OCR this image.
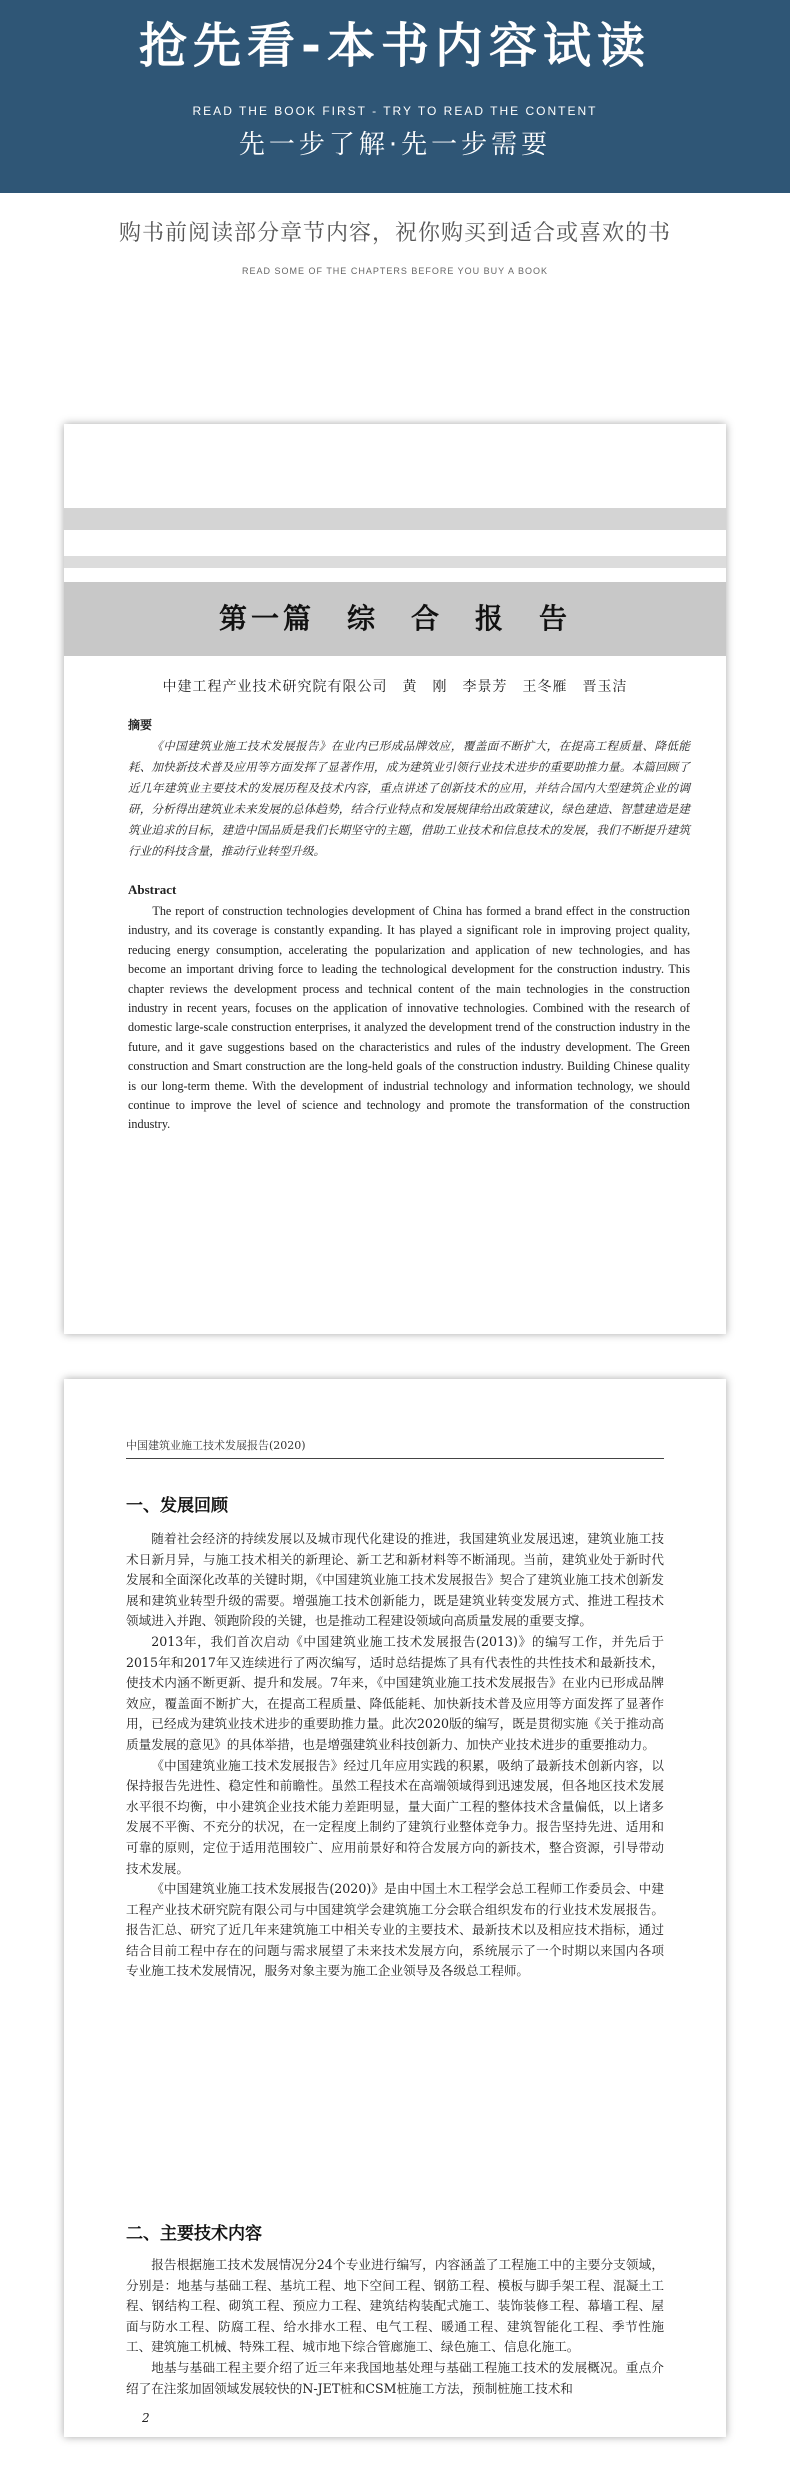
抢先看-本书内容试读
READ THE BOOK FIRST - TRY TO READ THE CONTENT
先一步了解·先一步需要
购书前阅读部分章节内容，祝你购买到适合或喜欢的书
READ SOME OF THE CHAPTERS BEFORE YOU BUY A BOOK
第一篇　综　合　报　告
中建工程产业技术研究院有限公司　黄　刚　李景芳　王冬雁　晋玉洁
摘要
《中国建筑业施工技术发展报告》在业内已形成品牌效应，覆盖面不断扩大，在提高工程质量、降低能耗、加快新技术普及应用等方面发挥了显著作用，成为建筑业引领行业技术进步的重要助推力量。本篇回顾了近几年建筑业主要技术的发展历程及技术内容，重点讲述了创新技术的应用，并结合国内大型建筑企业的调研，分析得出建筑业未来发展的总体趋势，结合行业特点和发展规律给出政策建议，绿色建造、智慧建造是建筑业追求的目标，建造中国品质是我们长期坚守的主题，借助工业技术和信息技术的发展，我们不断提升建筑行业的科技含量，推动行业转型升级。
Abstract
The report of construction technologies development of China has formed a brand effect in the construction industry, and its coverage is constantly expanding. It has played a significant role in improving project quality, reducing energy consumption, accelerating the popularization and application of new technologies, and has become an important driving force to leading the technological development for the construction industry. This chapter reviews the development process and technical content of the main technologies in the construction industry in recent years, focuses on the application of innovative technologies. Combined with the research of domestic large-scale construction enterprises, it analyzed the development trend of the construction industry in the future, and it gave suggestions based on the characteristics and rules of the industry development. The Green construction and Smart construction are the long-held goals of the construction industry. Building Chinese quality is our long-term theme. With the development of industrial technology and information technology, we should continue to improve the level of science and technology and promote the transformation of the construction industry.
中国建筑业施工技术发展报告(2020)
一、发展回顾

随着社会经济的持续发展以及城市现代化建设的推进，我国建筑业发展迅速，建筑业施工技术日新月异，与施工技术相关的新理论、新工艺和新材料等不断涌现。当前，建筑业处于新时代发展和全面深化改革的关键时期，《中国建筑业施工技术发展报告》契合了建筑业施工技术创新发展和建筑业转型升级的需要。增强施工技术创新能力，既是建筑业转变发展方式、推进工程技术领域进入并跑、领跑阶段的关键，也是推动工程建设领域向高质量发展的重要支撑。

2013年，我们首次启动《中国建筑业施工技术发展报告(2013)》的编写工作，并先后于2015年和2017年又连续进行了两次编写，适时总结提炼了具有代表性的共性技术和最新技术，使技术内涵不断更新、提升和发展。7年来，《中国建筑业施工技术发展报告》在业内已形成品牌效应，覆盖面不断扩大，在提高工程质量、降低能耗、加快新技术普及应用等方面发挥了显著作用，已经成为建筑业技术进步的重要助推力量。此次2020版的编写，既是贯彻实施《关于推动高质量发展的意见》的具体举措，也是增强建筑业科技创新力、加快产业技术进步的重要推动力。

《中国建筑业施工技术发展报告》经过几年应用实践的积累，吸纳了最新技术创新内容，以保持报告先进性、稳定性和前瞻性。虽然工程技术在高端领域得到迅速发展，但各地区技术发展水平很不均衡，中小建筑企业技术能力差距明显，量大面广工程的整体技术含量偏低，以上诸多发展不平衡、不充分的状况，在一定程度上制约了建筑行业整体竞争力。报告坚持先进、适用和可靠的原则，定位于适用范围较广、应用前景好和符合发展方向的新技术，整合资源，引导带动技术发展。

《中国建筑业施工技术发展报告(2020)》是由中国土木工程学会总工程师工作委员会、中建工程产业技术研究院有限公司与中国建筑学会建筑施工分会联合组织发布的行业技术发展报告。报告汇总、研究了近几年来建筑施工中相关专业的主要技术、最新技术以及相应技术指标，通过结合目前工程中存在的问题与需求展望了未来技术发展方向，系统展示了一个时期以来国内各项专业施工技术发展情况，服务对象主要为施工企业领导及各级总工程师。

二、主要技术内容

报告根据施工技术发展情况分24个专业进行编写，内容涵盖了工程施工中的主要分支领域，分别是：地基与基础工程、基坑工程、地下空间工程、钢筋工程、模板与脚手架工程、混凝土工程、钢结构工程、砌筑工程、预应力工程、建筑结构装配式施工、装饰装修工程、幕墙工程、屋面与防水工程、防腐工程、给水排水工程、电气工程、暖通工程、建筑智能化工程、季节性施工、建筑施工机械、特殊工程、城市地下综合管廊施工、绿色施工、信息化施工。

地基与基础工程主要介绍了近三年来我国地基处理与基础工程施工技术的发展概况。重点介绍了在注浆加固领域发展较快的N-JET桩和CSM桩施工方法，预制桩施工技术和

2
